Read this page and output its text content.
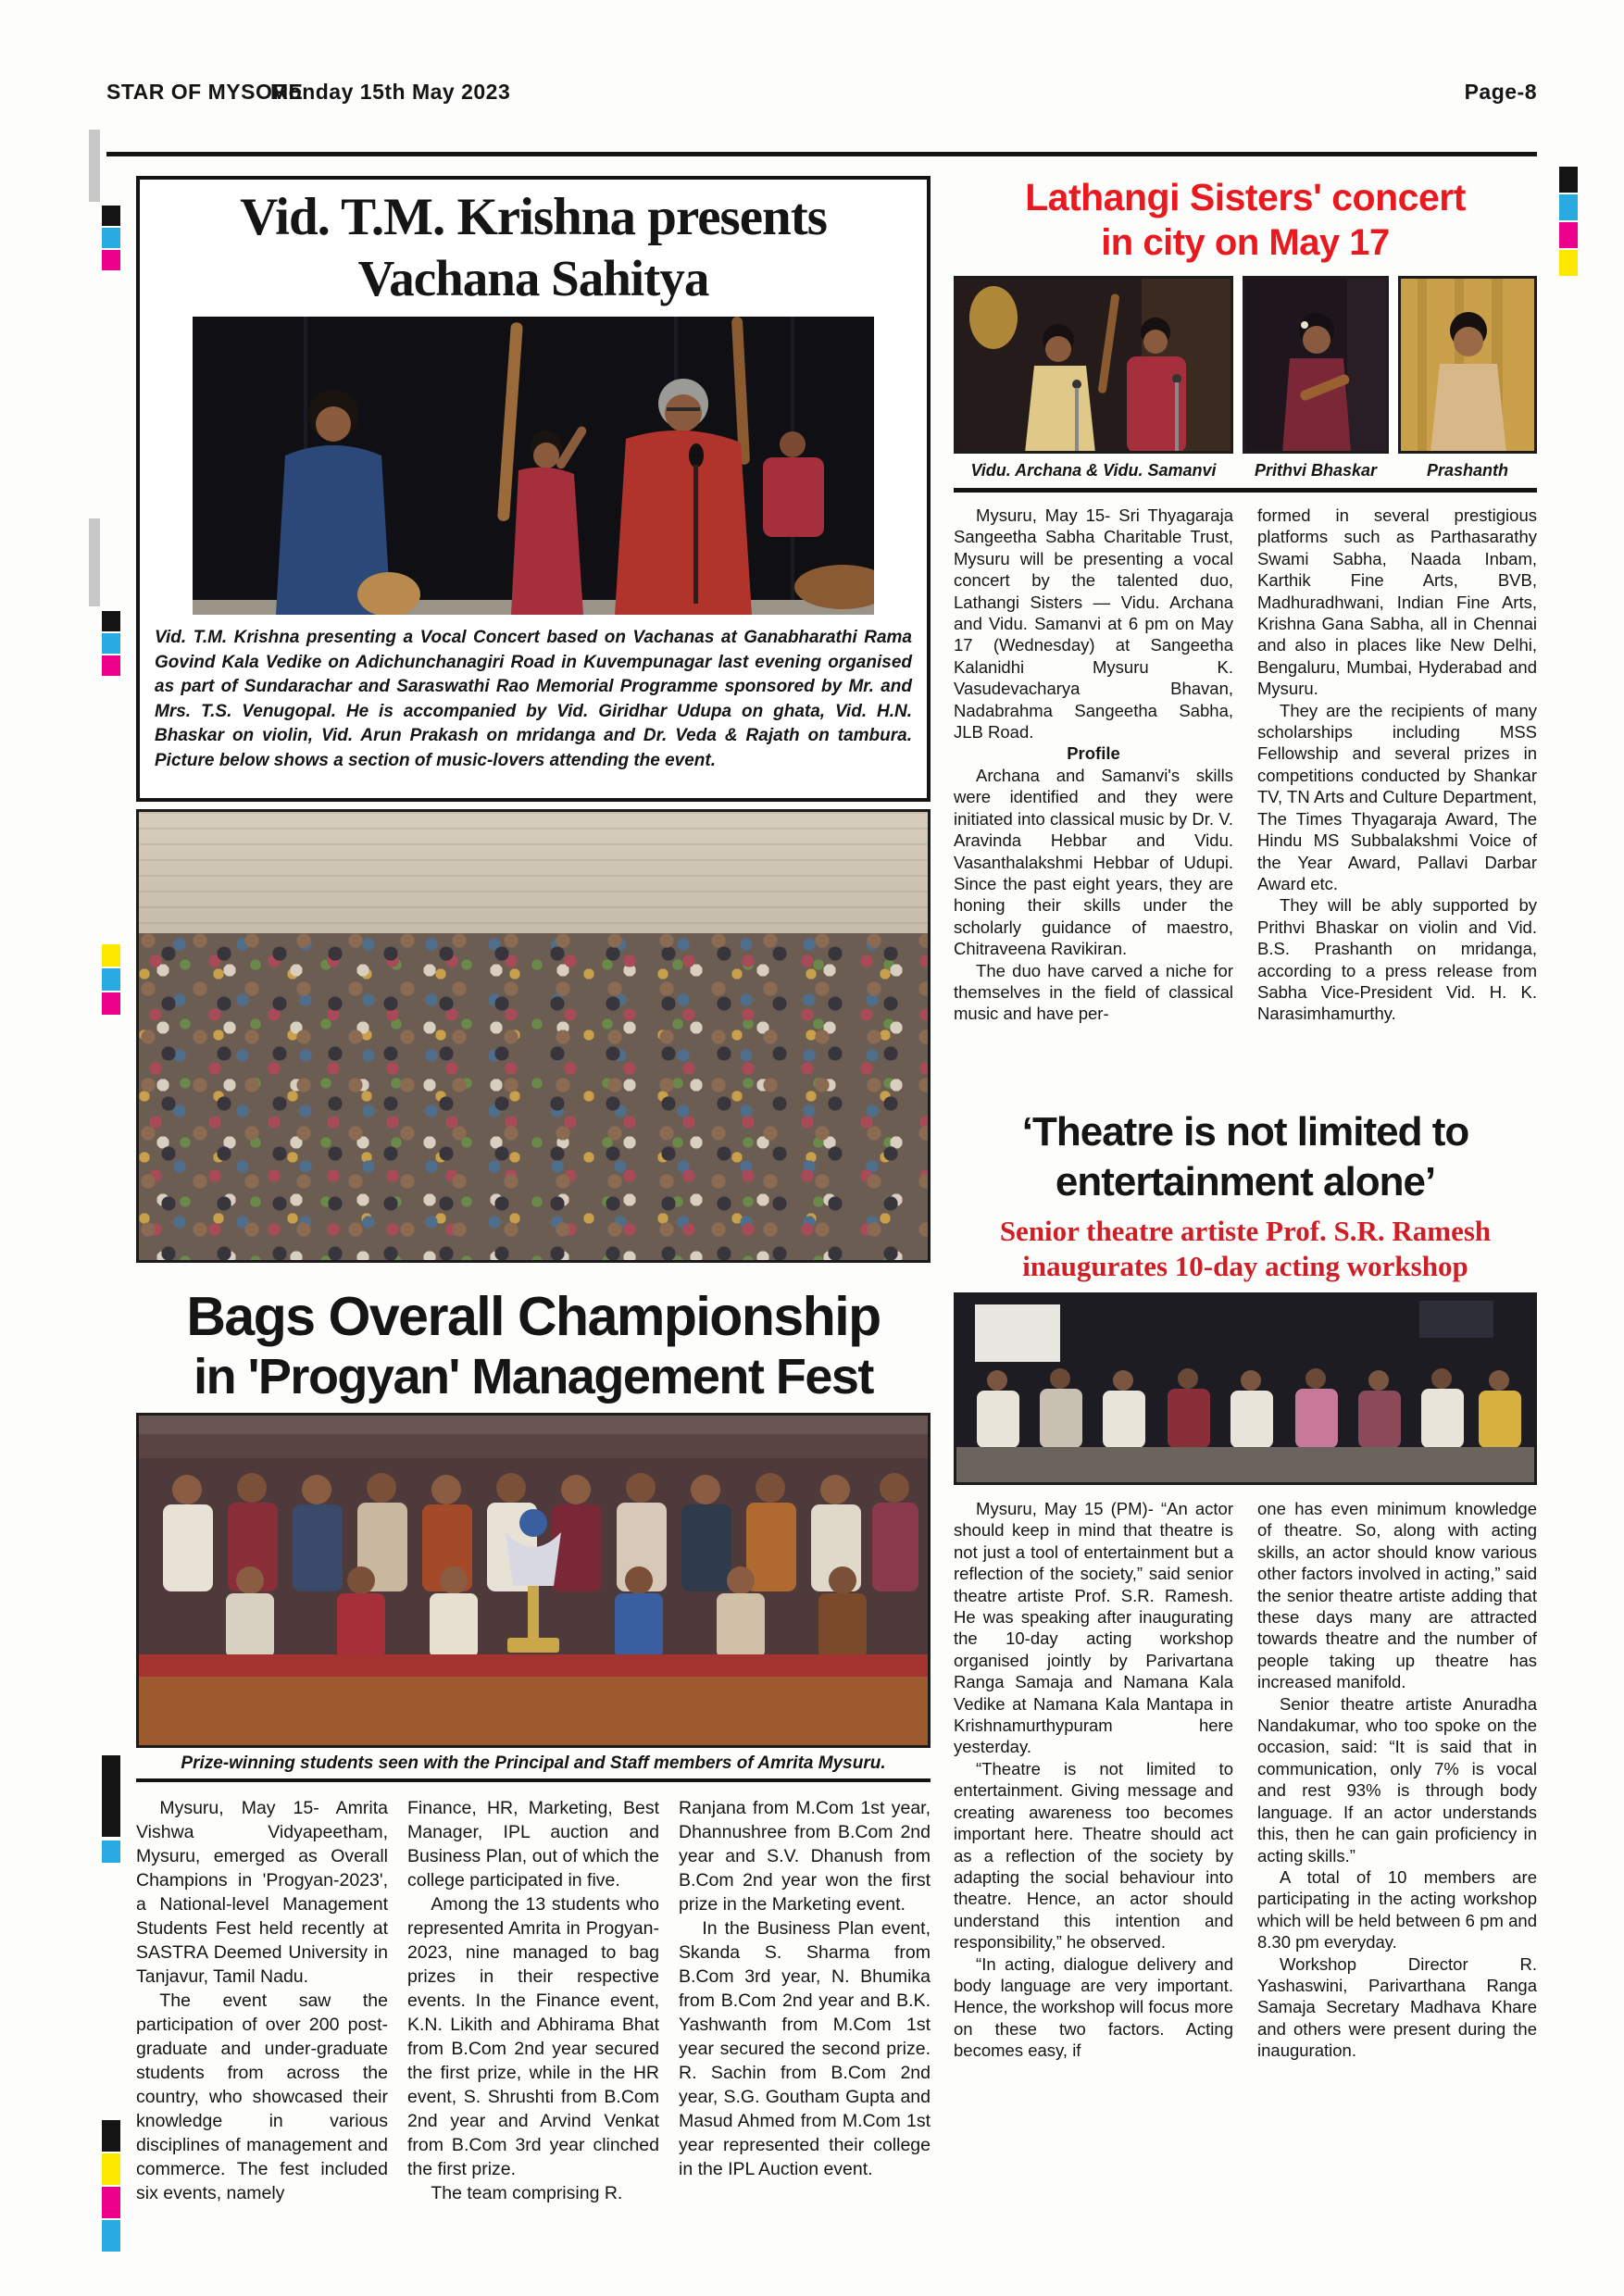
STAR OF MYSORE
Monday 15th May 2023	Page-8
Vid. T.M. Krishna presents
Vachana Sahitya
Vid. T.M. Krishna presenting a Vocal Concert based on Vachanas at Ganabharathi Rama Govind Kala Vedike on Adichunchanagiri Road in Kuvempunagar last evening organised as part of Sundarachar and Saraswathi Rao Memorial Programme sponsored by Mr. and Mrs. T.S. Venugopal. He is accompanied by Vid. Giridhar Udupa on ghata, Vid. H.N. Bhaskar on violin, Vid. Arun Prakash on mridanga and Dr. Veda & Rajath on tambura. Picture below shows a section of music-lovers attending the event.
Bags Overall Championship
in 'Progyan' Management Fest
Prize-winning students seen with the Principal and Staff members of Amrita Mysuru.

Mysuru, May 15- Amrita Vishwa Vidyapeetham, Mysuru, emerged as Overall Champions in 'Progyan-2023', a National-level Management Students Fest held recently at SASTRA Deemed University in Tanjavur, Tamil Nadu.

The event saw the participation of over 200 post-graduate and under-graduate students from across the country, who showcased their knowledge in various disciplines of management and commerce. The fest included six events, namely

Finance, HR, Marketing, Best Manager, IPL auction and Business Plan, out of which the college participated in five.

Among the 13 students who represented Amrita in Progyan-2023, nine managed to bag prizes in their respective events. In the Finance event, K.N. Likith and Abhirama Bhat from B.Com 2nd year secured the first prize, while in the HR event, S. Shrushti from B.Com 2nd year and Arvind Venkat from B.Com 3rd year clinched the first prize.

The team comprising R.

Ranjana from M.Com 1st year, Dhannushree from B.Com 2nd year and S.V. Dhanush from B.Com 2nd year won the first prize in the Marketing event.

In the Business Plan event, Skanda S. Sharma from B.Com 3rd year, N. Bhumika from B.Com 2nd year and B.K. Yashwanth from M.Com 1st year secured the second prize. R. Sachin from B.Com 2nd year, S.G. Goutham Gupta and Masud Ahmed from M.Com 1st year represented their college in the IPL Auction event.

Lathangi Sisters' concert
in city on May 17
Vidu. Archana & Vidu. Samanvi	Prithvi Bhaskar	Prashanth

Mysuru, May 15- Sri Thyagaraja Sangeetha Sabha Charitable Trust, Mysuru will be presenting a vocal concert by the talented duo, Lathangi Sisters — Vidu. Archana and Vidu. Samanvi at 6 pm on May 17 (Wednesday) at Sangeetha Kalanidhi Mysuru K. Vasudevacharya Bhavan, Nadabrahma Sangeetha Sabha, JLB Road.

Profile

Archana and Samanvi's skills were identified and they were initiated into classical music by Dr. V. Aravinda Hebbar and Vidu. Vasanthalakshmi Hebbar of Udupi. Since the past eight years, they are honing their skills under the scholarly guidance of maestro, Chitraveena Ravikiran.

The duo have carved a niche for themselves in the field of classical music and have per-

formed in several prestigious platforms such as Parthasarathy Swami Sabha, Naada Inbam, Karthik Fine Arts, BVB, Madhuradhwani, Indian Fine Arts, Krishna Gana Sabha, all in Chennai and also in places like New Delhi, Bengaluru, Mumbai, Hyderabad and Mysuru.

They are the recipients of many scholarships including MSS Fellowship and several prizes in competitions conducted by Shankar TV, TN Arts and Culture Department, The Times Thyagaraja Award, The Hindu MS Subbalakshmi Voice of the Year Award, Pallavi Darbar Award etc.

They will be ably supported by Prithvi Bhaskar on violin and Vid. B.S. Prashanth on mridanga, according to a press release from Sabha Vice-President Vid. H. K. Narasimhamurthy.

‘Theatre is not limited to
entertainment alone’
Senior theatre artiste Prof. S.R. Ramesh
inaugurates 10-day acting workshop

Mysuru, May 15 (PM)- “An actor should keep in mind that theatre is not just a tool of entertainment but a reflection of the society,” said senior theatre artiste Prof. S.R. Ramesh. He was speaking after inaugurating the 10-day acting workshop organised jointly by Parivartana Ranga Samaja and Namana Kala Vedike at Namana Kala Mantapa in Krishnamurthypuram here yesterday.

“Theatre is not limited to entertainment. Giving message and creating awareness too becomes important here. Theatre should act as a reflection of the society by adapting the social behaviour into theatre. Hence, an actor should understand this intention and responsibility,” he observed.

“In acting, dialogue delivery and body language are very important. Hence, the workshop will focus more on these two factors. Acting becomes easy, if

one has even minimum knowledge of theatre. So, along with acting skills, an actor should know various other factors involved in acting,” said the senior theatre artiste adding that these days many are attracted towards theatre and the number of people taking up theatre has increased manifold.

Senior theatre artiste Anuradha Nandakumar, who too spoke on the occasion, said: “It is said that in communication, only 7% is vocal and rest 93% is through body language. If an actor understands this, then he can gain proficiency in acting skills.”

A total of 10 members are participating in the acting workshop which will be held between 6 pm and 8.30 pm everyday.

Workshop Director R. Yashaswini, Parivarthana Ranga Samaja Secretary Madhava Khare and others were present during the inauguration.
